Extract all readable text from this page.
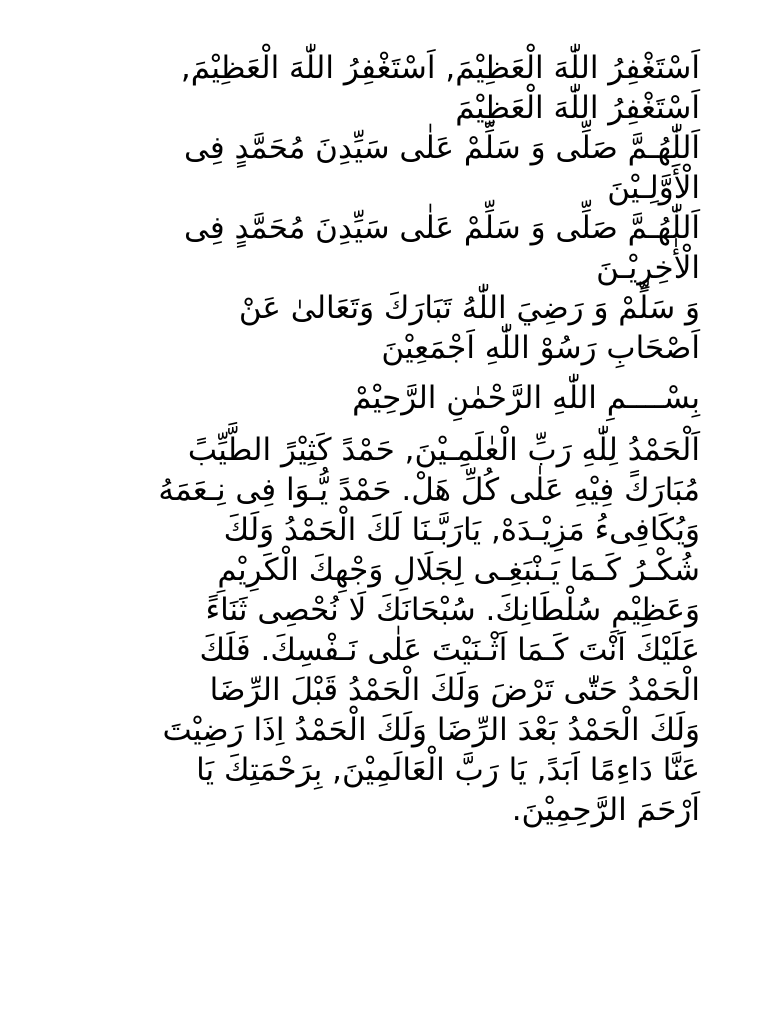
اَسْتَغْفِرُ اللّٰهَ الْعَظِيْمَ, اَسْتَغْفِرُ اللّٰهَ الْعَظِيْمَ,
اَسْتَغْفِرُ اللّٰهَ الْعَظِيْمَ
اَللّٰهُـمَّ صَلِّى وَ سَلِّمْ عَلٰى سَيِّدِنَ مُحَمَّدٍ فِى
الْأَوَّلِـيْنَ
اَللّٰهُـمَّ صَلِّى وَ سَلِّمْ عَلٰى سَيِّدِنَ مُحَمَّدٍ فِى
الْأٰخِرِيْـنَ
وَ سَلِّمْ وَ رَضِيَ اللّٰهُ تَبَارَكَ وَتَعَالىٰ عَنْ
اَصْحَابِ رَسُوْ اللّٰهِ اَجْمَعِيْنَ
بِسْــــمِ اللّٰهِ الرَّحْمٰنِ الرَّحِيْمْ
اَلْحَمْدُ لِلّٰهِ رَبِّ الْعٰلَمِـيْنَ, حَمْدً كَثِيْرً الطَّيِّبً
مُبَارَكً فِيْهِ عَلٰى كُلِّ هَلْ. حَمْدً يُّـوَا فِى نِـعَمَهُ
وَيُكَافِىءُ مَزِيْـدَهْ, يَارَبَّـنَا لَكَ الْحَمْدُ وَلَكَ
شُكْـرُ كَـمَا يَـنْبَغِـى لِجَلَالِ وَجْهِكَ الْكَرِيْمِ
وَعَظِيْمِ سُلْطَانِكَ. سُبْحَانَكَ لَا نُحْصِى ثَنَاءً
عَلَيْكَ اَنْتَ كَـمَا اَثْـنَيْتَ عَلٰى نَـفْسِكَ. فَلَكَ
الْحَمْدُ حَتّٰى تَرْضَ وَلَكَ الْحَمْدُ قَبْلَ الرِّضَا
وَلَكَ الْحَمْدُ بَعْدَ الرِّضَا وَلَكَ الْحَمْدُ اِذَا رَضِيْتَ
عَنَّا دَاءِمًا اَبَدً, يَا رَبَّ الْعَالَمِيْنَ, بِرَحْمَتِكَ يَا
اَرْحَمَ الرَّحِمِيْنَ.
